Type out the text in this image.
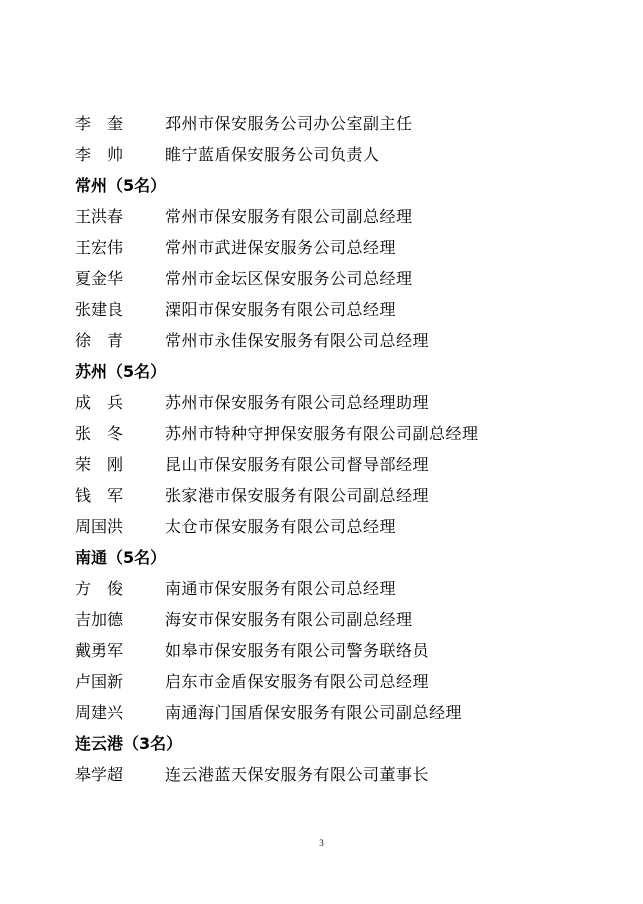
李　奎	邳州市保安服务公司办公室副主任
李　帅	睢宁蓝盾保安服务公司负责人
常州（5名）
王洪春	常州市保安服务有限公司副总经理
王宏伟	常州市武进保安服务公司总经理
夏金华	常州市金坛区保安服务公司总经理
张建良	溧阳市保安服务有限公司总经理
徐　青	常州市永佳保安服务有限公司总经理
苏州（5名）
成　兵	苏州市保安服务有限公司总经理助理
张　冬	苏州市特种守押保安服务有限公司副总经理
荣　刚	昆山市保安服务有限公司督导部经理
钱　军	张家港市保安服务有限公司副总经理
周国洪	太仓市保安服务有限公司总经理
南通（5名）
方　俊	南通市保安服务有限公司总经理
吉加德	海安市保安服务有限公司副总经理
戴勇军	如皋市保安服务有限公司警务联络员
卢国新	启东市金盾保安服务有限公司总经理
周建兴	南通海门国盾保安服务有限公司副总经理
连云港（3名）
皋学超	连云港蓝天保安服务有限公司董事长
3
